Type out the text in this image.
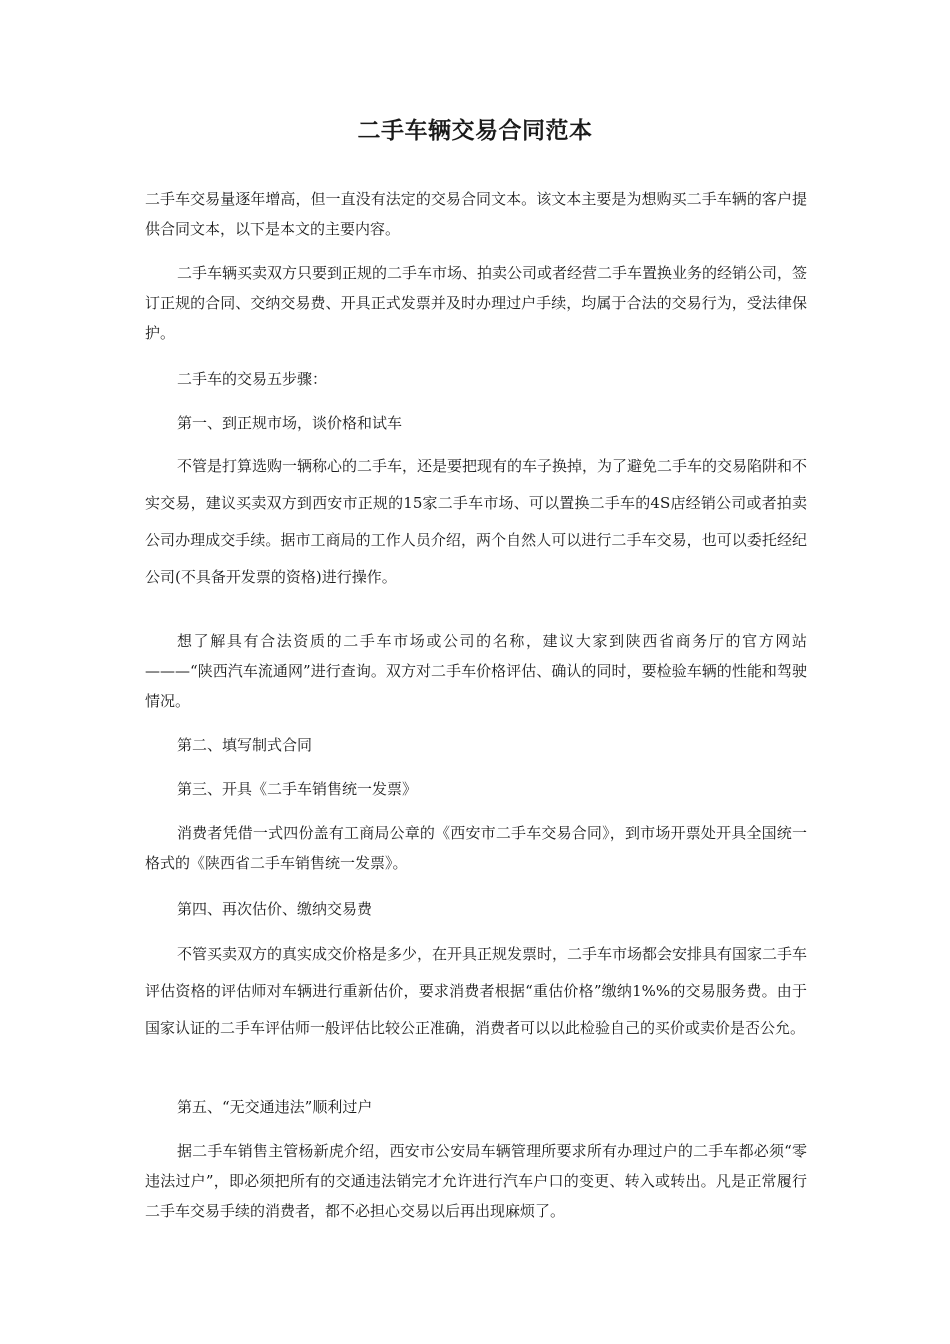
二手车辆交易合同范本

二手车交易量逐年增高，但一直没有法定的交易合同文本。该文本主要是为想购买二手车辆的客户提供合同文本，以下是本文的主要内容。

二手车辆买卖双方只要到正规的二手车市场、拍卖公司或者经营二手车置换业务的经销公司，签订正规的合同、交纳交易费、开具正式发票并及时办理过户手续，均属于合法的交易行为，受法律保护。

二手车的交易五步骤：

第一、到正规市场，谈价格和试车

不管是打算选购一辆称心的二手车，还是要把现有的车子换掉，为了避免二手车的交易陷阱和不实交易，建议买卖双方到西安市正规的15家二手车市场、可以置换二手车的4S店经销公司或者拍卖公司办理成交手续。据市工商局的工作人员介绍，两个自然人可以进行二手车交易，也可以委托经纪公司(不具备开发票的资格)进行操作。

想了解具有合法资质的二手车市场或公司的名称，建议大家到陕西省商务厅的官方网站———“陕西汽车流通网”进行查询。双方对二手车价格评估、确认的同时，要检验车辆的性能和驾驶情况。

第二、填写制式合同

第三、开具《二手车销售统一发票》

消费者凭借一式四份盖有工商局公章的《西安市二手车交易合同》，到市场开票处开具全国统一格式的《陕西省二手车销售统一发票》。

第四、再次估价、缴纳交易费

不管买卖双方的真实成交价格是多少，在开具正规发票时，二手车市场都会安排具有国家二手车评估资格的评估师对车辆进行重新估价，要求消费者根据“重估价格”缴纳1%%的交易服务费。由于国家认证的二手车评估师一般评估比较公正准确，消费者可以以此检验自己的买价或卖价是否公允。

第五、“无交通违法”顺利过户

据二手车销售主管杨新虎介绍，西安市公安局车辆管理所要求所有办理过户的二手车都必须“零违法过户”，即必须把所有的交通违法销完才允许进行汽车户口的变更、转入或转出。凡是正常履行二手车交易手续的消费者，都不必担心交易以后再出现麻烦了。
